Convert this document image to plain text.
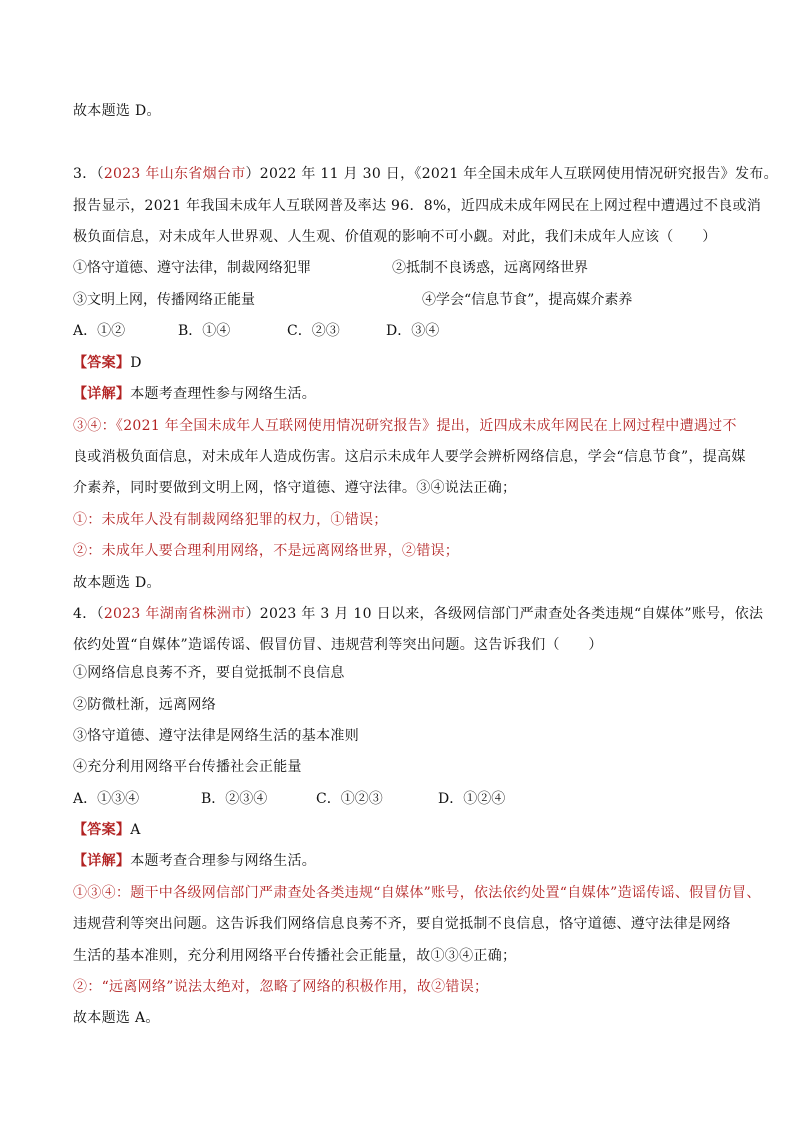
故本题选 D。
3．（2023 年山东省烟台市）2022 年 11 月 30 日，《2021 年全国未成年人互联网使用情况研究报告》发布。
报告显示，2021 年我国未成年人互联网普及率达 96．8%，近四成未成年网民在上网过程中遭遇过不良或消
极负面信息，对未成年人世界观、人生观、价值观的影响不可小觑。对此，我们未成年人应该（　　）
①恪守道德、遵守法律，制裁网络犯罪	②抵制不良诱惑，远离网络世界
③文明上网，传播网络正能量	④学会“信息节食”，提高媒介素养
A．①②	B．①④	C．②③	D．③④
【答案】D
【详解】本题考查理性参与网络生活。
③④：《2021 年全国未成年人互联网使用情况研究报告》提出，近四成未成年网民在上网过程中遭遇过不
良或消极负面信息，对未成年人造成伤害。这启示未成年人要学会辨析网络信息，学会“信息节食”，提高媒
介素养，同时要做到文明上网，恪守道德、遵守法律。③④说法正确；
①：未成年人没有制裁网络犯罪的权力，①错误；
②：未成年人要合理利用网络，不是远离网络世界，②错误；
故本题选 D。
4．（2023 年湖南省株洲市）2023 年 3 月 10 日以来，各级网信部门严肃查处各类违规“自媒体”账号，依法
依约处置“自媒体”造谣传谣、假冒仿冒、违规营利等突出问题。这告诉我们（　　）
①网络信息良莠不齐，要自觉抵制不良信息
②防微杜渐，远离网络
③恪守道德、遵守法律是网络生活的基本准则
④充分利用网络平台传播社会正能量
A．①③④	B．②③④	C．①②③	D．①②④
【答案】A
【详解】本题考查合理参与网络生活。
①③④：题干中各级网信部门严肃查处各类违规“自媒体”账号，依法依约处置“自媒体”造谣传谣、假冒仿冒、
违规营利等突出问题。这告诉我们网络信息良莠不齐，要自觉抵制不良信息，恪守道德、遵守法律是网络
生活的基本准则，充分利用网络平台传播社会正能量，故①③④正确；
②：“远离网络”说法太绝对，忽略了网络的积极作用，故②错误；
故本题选 A。
